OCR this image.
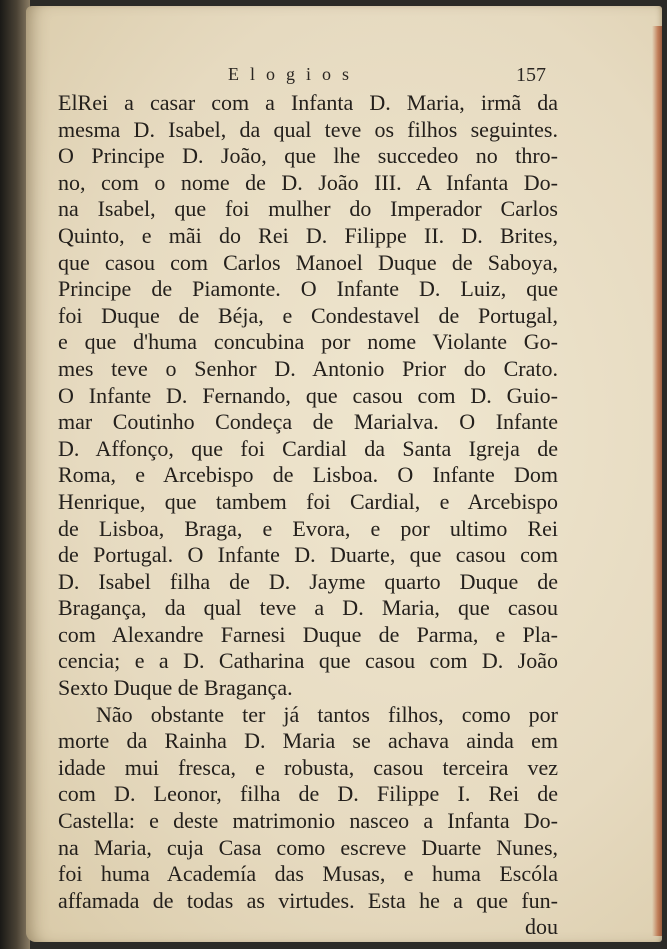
Elogios	157
ElRei a casar com a Infanta D. Maria, irmã da
mesma D. Isabel, da qual teve os filhos seguintes.
O Principe D. João, que lhe succedeo no thro-
no, com o nome de D. João III. A Infanta Do-
na Isabel, que foi mulher do Imperador Carlos
Quinto, e mãi do Rei D. Filippe II. D. Brites,
que casou com Carlos Manoel Duque de Saboya,
Principe de Piamonte. O Infante D. Luiz, que
foi Duque de Béja, e Condestavel de Portugal,
e que d'huma concubina por nome Violante Go-
mes teve o Senhor D. Antonio Prior do Crato.
O Infante D. Fernando, que casou com D. Guio-
mar Coutinho Condeça de Marialva. O Infante
D. Affonço, que foi Cardial da Santa Igreja de
Roma, e Arcebispo de Lisboa. O Infante Dom
Henrique, que tambem foi Cardial, e Arcebispo
de Lisboa, Braga, e Evora, e por ultimo Rei
de Portugal. O Infante D. Duarte, que casou com
D. Isabel filha de D. Jayme quarto Duque de
Bragança, da qual teve a D. Maria, que casou
com Alexandre Farnesi Duque de Parma, e Pla-
cencia; e a D. Catharina que casou com D. João
Sexto Duque de Bragança.
Não obstante ter já tantos filhos, como por
morte da Rainha D. Maria se achava ainda em
idade mui fresca, e robusta, casou terceira vez
com D. Leonor, filha de D. Filippe I. Rei de
Castella: e deste matrimonio nasceo a Infanta Do-
na Maria, cuja Casa como escreve Duarte Nunes,
foi huma Academía das Musas, e huma Escóla
affamada de todas as virtudes. Esta he a que fun-
dou
